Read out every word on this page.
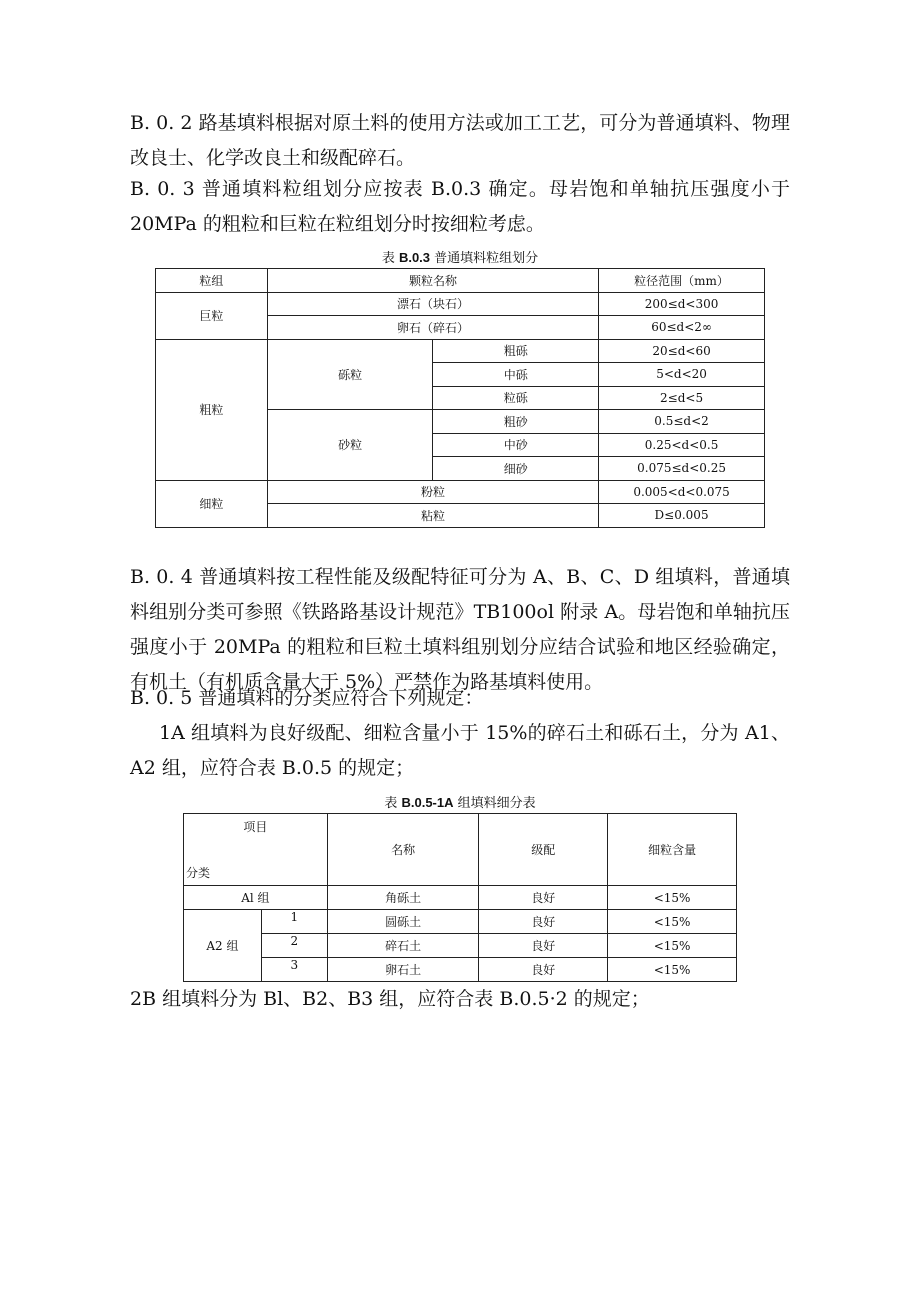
B. 0. 2 路基填料根据对原土料的使用方法或加工工艺，可分为普通填料、物理改良士、化学改良土和级配碎石。

B. 0. 3 普通填料粒组划分应按表 B.0.3 确定。母岩饱和单轴抗压强度小于 20MPa 的粗粒和巨粒在粒组划分时按细粒考虑。

表 B.0.3 普通填料粒组划分
粒组	颗粒名称		粒径范围（mm）
巨粒	漂石（块石）		200≤d<300
	卵石（碎石）		60≤d<2∞
粗粒	砾粒	粗砾	20≤d<60
		中砾	5<d<20
		粒砾	2≤d<5
	砂粒	粗砂	0.5≤d<2
		中砂	0.25<d<0.5
		细砂	0.075≤d<0.25
细粒	粉粒		0.005<d<0.075
	粘粒		D≤0.005

B. 0. 4 普通填料按工程性能及级配特征可分为 A、B、C、D 组填料，普通填料组别分类可参照《铁路路基设计规范》TB100ol 附录 A。母岩饱和单轴抗压强度小于 20MPa 的粗粒和巨粒土填料组别划分应结合试验和地区经验确定，有机土（有机质含量大于 5%）严禁作为路基填料使用。

B. 0. 5 普通填料的分类应符合下列规定：

1A 组填料为良好级配、细粒含量小于 15%的碎石土和砾石土，分为 A1、A2 组，应符合表 B.0.5 的规定；

表 B.0.5-1A 组填料细分表
项目
分类		名称	级配	细粒含量
Al 组		角砾土	良好	<15%
A2 组	1	圆砾土	良好	<15%
	2	碎石土	良好	<15%
	3	卵石土	良好	<15%

2B 组填料分为 Bl、B2、B3 组，应符合表 B.0.5·2 的规定；
